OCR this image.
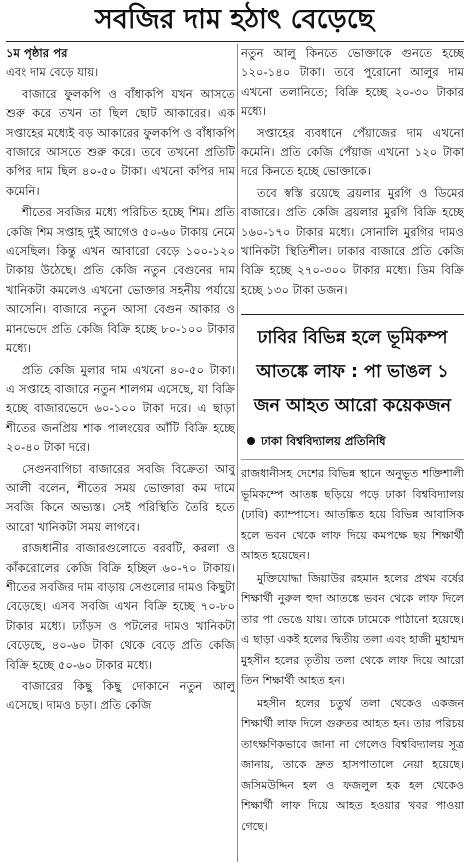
সবজির দাম হঠাৎ বেড়েছে
১ম পৃষ্ঠার পর

এবং দাম বেড়ে যায়।

বাজারে ফুলকপি ও বাঁধাকপি যখন আসতে শুরু করে তখন তা ছিল ছোট আকারের। এক সপ্তাহের মধ্যেই বড় আকারের ফুলকপি ও বাঁধাকপি বাজারে আসতে শুরু করে। তবে তখনো প্রতিটি কপির দাম ছিল ৪০-৫০ টাকা। এখনো কপির দাম কমেনি।

শীতের সবজির মধ্যে পরিচিত হচ্ছে শিম। প্রতি কেজি শিম সপ্তাহ দুই আগেও ৫০-৬০ টাকায় নেমে এসেছিল। কিন্তু এখন আবারো বেড়ে ১০০-১২০ টাকায় উঠেছে। প্রতি কেজি নতুন বেগুনের দাম খানিকটা কমলেও এখনো ভোক্তার সহনীয় পর্যায়ে আসেনি। বাজারে নতুন আসা বেগুন আকার ও মানভেদে প্রতি কেজি বিক্রি হচ্ছে ৮০-১০০ টাকার মধ্যে।

প্রতি কেজি মুলার দাম এখনো ৪০-৫০ টাকা। এ সপ্তাহে বাজারে নতুন শালগম এসেছে, যা বিক্রি হচ্ছে বাজারভেদে ৬০-১০০ টাকা দরে। এ ছাড়া শীতের জনপ্রিয় শাক পালংয়ের আঁটি বিক্রি হচ্ছে ২০-৪০ টাকা দরে।

সেগুনবাগিচা বাজারের সবজি বিক্রেতা আবু আলী বলেন, শীতের সময় ভোক্তারা কম দামে সবজি কিনে অভ্যস্ত। সেই পরিস্থিতি তৈরি হতে আরো খানিকটা সময় লাগবে।

রাজধানীর বাজারগুলোতে বরবটি, করলা ও কাঁকরোলের কেজি বিক্রি হচ্ছিল ৬০-৭০ টাকায়। শীতের সবজির দাম বাড়ায় সেগুলোর দামও কিছুটা বেড়েছে। এসব সবজি এখন বিক্রি হচ্ছে ৭০-৮০ টাকার মধ্যে। ঢ্যাঁড়স ও পটলের দামও খানিকটা বেড়েছে, ৪০-৬০ টাকা থেকে বেড়ে প্রতি কেজি বিক্রি হচ্ছে ৫০-৬০ টাকার মধ্যে।

বাজারের কিছু কিছু দোকানে নতুন আলু এসেছে। দামও চড়া। প্রতি কেজি

নতুন আলু কিনতে ভোক্তাকে গুনতে হচ্ছে ১২০-১৪০ টাকা। তবে পুরোনো আলুর দাম এখনো তলানিতে; বিক্রি হচ্ছে ২০-৩০ টাকার মধ্যে।

সপ্তাহের ব্যবধানে পেঁয়াজের দাম এখনো কমেনি। প্রতি কেজি পেঁয়াজ এখনো ১২০ টাকা দরে কিনতে হচ্ছে ভোক্তাকে।

তবে স্বস্তি রয়েছে ব্রয়লার মুরগি ও ডিমের বাজারে। প্রতি কেজি ব্রয়লার মুরগি বিক্রি হচ্ছে ১৬০-১৭০ টাকার মধ্যে। সোনালি মুরগির দামও খানিকটা স্থিতিশীল। ঢাকার বাজারে প্রতি কেজি বিক্রি হচ্ছে ২৭০-৩০০ টাকার মধ্যে। ডিম বিক্রি হচ্ছে ১৩০ টাকা ডজন।

ঢাবির বিভিন্ন হলে ভূমিকম্প আতঙ্কে লাফ : পা ভাঙল ১ জন আহত আরো কয়েকজন
ঢাকা বিশ্ববিদ্যালয় প্রতিনিধি

রাজধানীসহ দেশের বিভিন্ন স্থানে অনুভূত শক্তিশালী ভূমিকম্পে আতঙ্ক ছড়িয়ে পড়ে ঢাকা বিশ্ববিদ্যালয় (ঢাবি) ক্যাম্পাসে। আতঙ্কিত হয়ে বিভিন্ন আবাসিক হলে ভবন থেকে লাফ দিয়ে কমপক্ষে ছয় শিক্ষার্থী আহত হয়েছেন।

মুক্তিযোদ্ধা জিয়াউর রহমান হলের প্রথম বর্ষের শিক্ষার্থী নুরুল হুদা আতঙ্কে ভবন থেকে লাফ দিলে তার পা ভেঙে যায়। তাকে ঢামেকে পাঠানো হয়েছে। এ ছাড়া একই হলের দ্বিতীয় তলা এবং হাজী মুহাম্মদ মুহসীন হলের তৃতীয় তলা থেকে লাফ দিয়ে আরো তিন শিক্ষার্থী আহত হন।

মহসীন হলের চতুর্থ তলা থেকেও একজন শিক্ষার্থী লাফ দিলে গুরুতর আহত হন। তার পরিচয় তাৎক্ষণিকভাবে জানা না গেলেও বিশ্ববিদ্যালয় সূত্র জানায়, তাকে দ্রুত হাসপাতালে নেয়া হয়েছে। জসিমউদ্দিন হল ও ফজলুল হক হল থেকেও শিক্ষার্থী লাফ দিয়ে আহত হওয়ার খবর পাওয়া গেছে।
